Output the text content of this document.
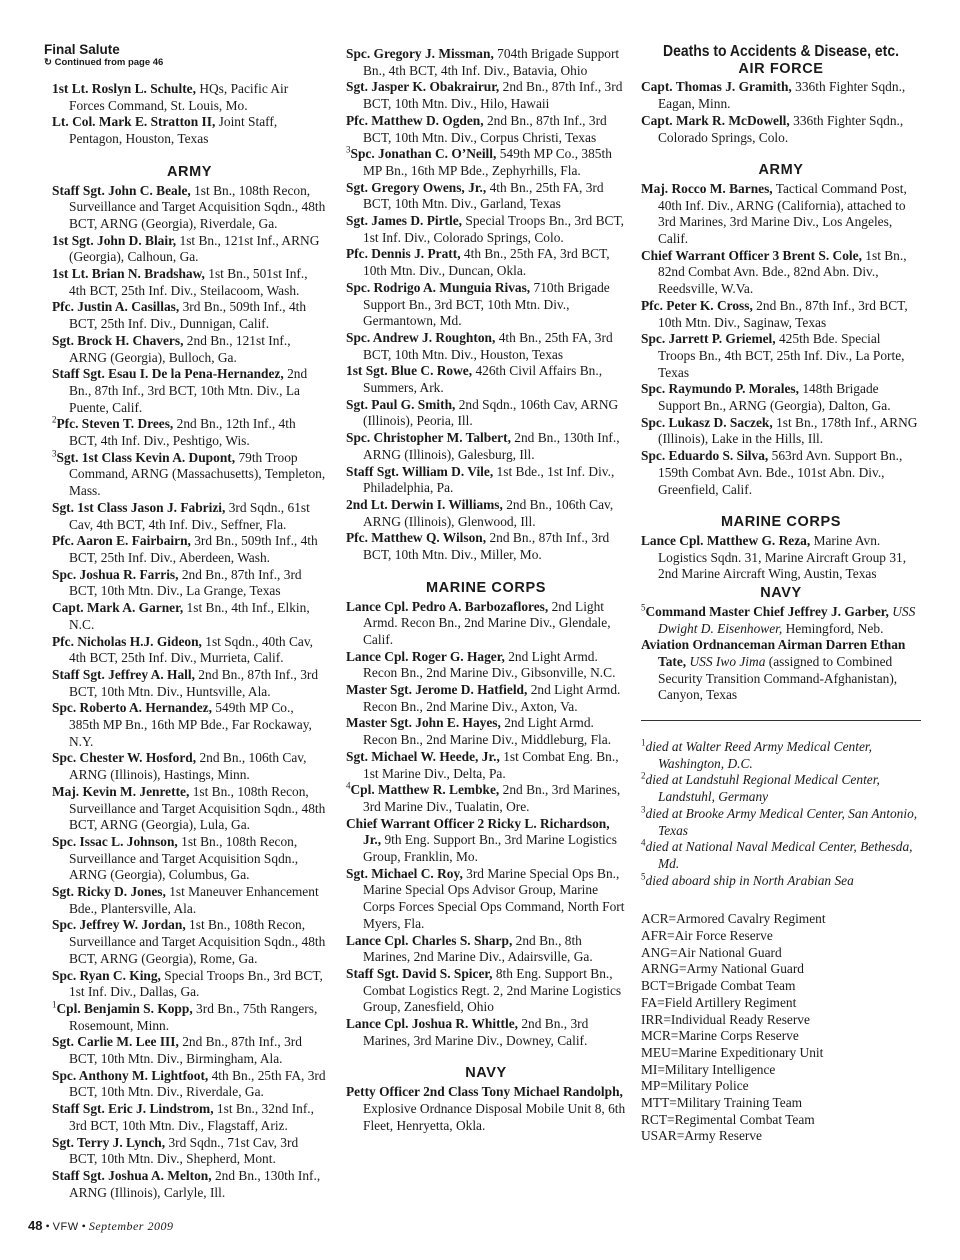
Final Salute
↻ Continued from page 46

1st Lt. Roslyn L. Schulte, HQs, Pacific Air Forces Command, St. Louis, Mo.

Lt. Col. Mark E. Stratton II, Joint Staff, Pentagon, Houston, Texas

ARMY

Staff Sgt. John C. Beale, 1st Bn., 108th Recon, Surveillance and Target Acquisition Sqdn., 48th BCT, ARNG (Georgia), Riverdale, Ga.

1st Sgt. John D. Blair, 1st Bn., 121st Inf., ARNG (Georgia), Calhoun, Ga.

1st Lt. Brian N. Bradshaw, 1st Bn., 501st Inf., 4th BCT, 25th Inf. Div., Steilacoom, Wash.

Pfc. Justin A. Casillas, 3rd Bn., 509th Inf., 4th BCT, 25th Inf. Div., Dunnigan, Calif.

Sgt. Brock H. Chavers, 2nd Bn., 121st Inf., ARNG (Georgia), Bulloch, Ga.

Staff Sgt. Esau I. De la Pena-Hernandez, 2nd Bn., 87th Inf., 3rd BCT, 10th Mtn. Div., La Puente, Calif.

$^2$Pfc. Steven T. Drees, 2nd Bn., 12th Inf., 4th BCT, 4th Inf. Div., Peshtigo, Wis.

$^3$Sgt. 1st Class Kevin A. Dupont, 79th Troop Command, ARNG (Massachusetts), Templeton, Mass.

Sgt. 1st Class Jason J. Fabrizi, 3rd Sqdn., 61st Cav, 4th BCT, 4th Inf. Div., Seffner, Fla.

Pfc. Aaron E. Fairbairn, 3rd Bn., 509th Inf., 4th BCT, 25th Inf. Div., Aberdeen, Wash.

Spc. Joshua R. Farris, 2nd Bn., 87th Inf., 3rd BCT, 10th Mtn. Div., La Grange, Texas

Capt. Mark A. Garner, 1st Bn., 4th Inf., Elkin, N.C.

Pfc. Nicholas H.J. Gideon, 1st Sqdn., 40th Cav, 4th BCT, 25th Inf. Div., Murrieta, Calif.

Staff Sgt. Jeffrey A. Hall, 2nd Bn., 87th Inf., 3rd BCT, 10th Mtn. Div., Huntsville, Ala.

Spc. Roberto A. Hernandez, 549th MP Co., 385th MP Bn., 16th MP Bde., Far Rockaway, N.Y.

Spc. Chester W. Hosford, 2nd Bn., 106th Cav, ARNG (Illinois), Hastings, Minn.

Maj. Kevin M. Jenrette, 1st Bn., 108th Recon, Surveillance and Target Acquisition Sqdn., 48th BCT, ARNG (Georgia), Lula, Ga.

Spc. Issac L. Johnson, 1st Bn., 108th Recon, Surveillance and Target Acquisition Sqdn., ARNG (Georgia), Columbus, Ga.

Sgt. Ricky D. Jones, 1st Maneuver Enhancement Bde., Plantersville, Ala.

Spc. Jeffrey W. Jordan, 1st Bn., 108th Recon, Surveillance and Target Acquisition Sqdn., 48th BCT, ARNG (Georgia), Rome, Ga.

Spc. Ryan C. King, Special Troops Bn., 3rd BCT, 1st Inf. Div., Dallas, Ga.

$^1$Cpl. Benjamin S. Kopp, 3rd Bn., 75th Rangers, Rosemount, Minn.

Sgt. Carlie M. Lee III, 2nd Bn., 87th Inf., 3rd BCT, 10th Mtn. Div., Birmingham, Ala.

Spc. Anthony M. Lightfoot, 4th Bn., 25th FA, 3rd BCT, 10th Mtn. Div., Riverdale, Ga.

Staff Sgt. Eric J. Lindstrom, 1st Bn., 32nd Inf., 3rd BCT, 10th Mtn. Div., Flagstaff, Ariz.

Sgt. Terry J. Lynch, 3rd Sqdn., 71st Cav, 3rd BCT, 10th Mtn. Div., Shepherd, Mont.

Staff Sgt. Joshua A. Melton, 2nd Bn., 130th Inf., ARNG (Illinois), Carlyle, Ill.

Spc. Gregory J. Missman, 704th Brigade Support Bn., 4th BCT, 4th Inf. Div., Batavia, Ohio

Sgt. Jasper K. Obakrairur, 2nd Bn., 87th Inf., 3rd BCT, 10th Mtn. Div., Hilo, Hawaii

Pfc. Matthew D. Ogden, 2nd Bn., 87th Inf., 3rd BCT, 10th Mtn. Div., Corpus Christi, Texas

$^3$Spc. Jonathan C. O’Neill, 549th MP Co., 385th MP Bn., 16th MP Bde., Zephyrhills, Fla.

Sgt. Gregory Owens, Jr., 4th Bn., 25th FA, 3rd BCT, 10th Mtn. Div., Garland, Texas

Sgt. James D. Pirtle, Special Troops Bn., 3rd BCT, 1st Inf. Div., Colorado Springs, Colo.

Pfc. Dennis J. Pratt, 4th Bn., 25th FA, 3rd BCT, 10th Mtn. Div., Duncan, Okla.

Spc. Rodrigo A. Munguia Rivas, 710th Brigade Support Bn., 3rd BCT, 10th Mtn. Div., Germantown, Md.

Spc. Andrew J. Roughton, 4th Bn., 25th FA, 3rd BCT, 10th Mtn. Div., Houston, Texas

1st Sgt. Blue C. Rowe, 426th Civil Affairs Bn., Summers, Ark.

Sgt. Paul G. Smith, 2nd Sqdn., 106th Cav, ARNG (Illinois), Peoria, Ill.

Spc. Christopher M. Talbert, 2nd Bn., 130th Inf., ARNG (Illinois), Galesburg, Ill.

Staff Sgt. William D. Vile, 1st Bde., 1st Inf. Div., Philadelphia, Pa.

2nd Lt. Derwin I. Williams, 2nd Bn., 106th Cav, ARNG (Illinois), Glenwood, Ill.

Pfc. Matthew Q. Wilson, 2nd Bn., 87th Inf., 3rd BCT, 10th Mtn. Div., Miller, Mo.

MARINE CORPS

Lance Cpl. Pedro A. Barbozaflores, 2nd Light Armd. Recon Bn., 2nd Marine Div., Glendale, Calif.

Lance Cpl. Roger G. Hager, 2nd Light Armd. Recon Bn., 2nd Marine Div., Gibsonville, N.C.

Master Sgt. Jerome D. Hatfield, 2nd Light Armd. Recon Bn., 2nd Marine Div., Axton, Va.

Master Sgt. John E. Hayes, 2nd Light Armd. Recon Bn., 2nd Marine Div., Middleburg, Fla.

Sgt. Michael W. Heede, Jr., 1st Combat Eng. Bn., 1st Marine Div., Delta, Pa.

$^4$Cpl. Matthew R. Lembke, 2nd Bn., 3rd Marines, 3rd Marine Div., Tualatin, Ore.

Chief Warrant Officer 2 Ricky L. Richardson, Jr., 9th Eng. Support Bn., 3rd Marine Logistics Group, Franklin, Mo.

Sgt. Michael C. Roy, 3rd Marine Special Ops Bn., Marine Special Ops Advisor Group, Marine Corps Forces Special Ops Command, North Fort Myers, Fla.

Lance Cpl. Charles S. Sharp, 2nd Bn., 8th Marines, 2nd Marine Div., Adairsville, Ga.

Staff Sgt. David S. Spicer, 8th Eng. Support Bn., Combat Logistics Regt. 2, 2nd Marine Logistics Group, Zanesfield, Ohio

Lance Cpl. Joshua R. Whittle, 2nd Bn., 3rd Marines, 3rd Marine Div., Downey, Calif.

NAVY

Petty Officer 2nd Class Tony Michael Randolph, Explosive Ordnance Disposal Mobile Unit 8, 6th Fleet, Henryetta, Okla.

Deaths to Accidents & Disease, etc.
AIR FORCE

Capt. Thomas J. Gramith, 336th Fighter Sqdn., Eagan, Minn.

Capt. Mark R. McDowell, 336th Fighter Sqdn., Colorado Springs, Colo.

ARMY

Maj. Rocco M. Barnes, Tactical Command Post, 40th Inf. Div., ARNG (California), attached to 3rd Marines, 3rd Marine Div., Los Angeles, Calif.

Chief Warrant Officer 3 Brent S. Cole, 1st Bn., 82nd Combat Avn. Bde., 82nd Abn. Div., Reedsville, W.Va.

Pfc. Peter K. Cross, 2nd Bn., 87th Inf., 3rd BCT, 10th Mtn. Div., Saginaw, Texas

Spc. Jarrett P. Griemel, 425th Bde. Special Troops Bn., 4th BCT, 25th Inf. Div., La Porte, Texas

Spc. Raymundo P. Morales, 148th Brigade Support Bn., ARNG (Georgia), Dalton, Ga.

Spc. Lukasz D. Saczek, 1st Bn., 178th Inf., ARNG (Illinois), Lake in the Hills, Ill.

Spc. Eduardo S. Silva, 563rd Avn. Support Bn., 159th Combat Avn. Bde., 101st Abn. Div., Greenfield, Calif.

MARINE CORPS

Lance Cpl. Matthew G. Reza, Marine Avn. Logistics Sqdn. 31, Marine Aircraft Group 31, 2nd Marine Aircraft Wing, Austin, Texas

NAVY

$^5$Command Master Chief Jeffrey J. Garber, USS Dwight D. Eisenhower, Hemingford, Neb.

Aviation Ordnanceman Airman Darren Ethan Tate, USS Iwo Jima (assigned to Combined Security Transition Command-Afghanistan), Canyon, Texas

$^1$died at Walter Reed Army Medical Center, Washington, D.C.

$^2$died at Landstuhl Regional Medical Center, Landstuhl, Germany

$^3$died at Brooke Army Medical Center, San Antonio, Texas

$^4$died at National Naval Medical Center, Bethesda, Md.

$^5$died aboard ship in North Arabian Sea

ACR=Armored Cavalry Regiment

AFR=Air Force Reserve

ANG=Air National Guard

ARNG=Army National Guard

BCT=Brigade Combat Team

FA=Field Artillery Regiment

IRR=Individual Ready Reserve

MCR=Marine Corps Reserve

MEU=Marine Expeditionary Unit

MI=Military Intelligence

MP=Military Police

MTT=Military Training Team

RCT=Regimental Combat Team

USAR=Army Reserve

48 • VFW • September 2009
